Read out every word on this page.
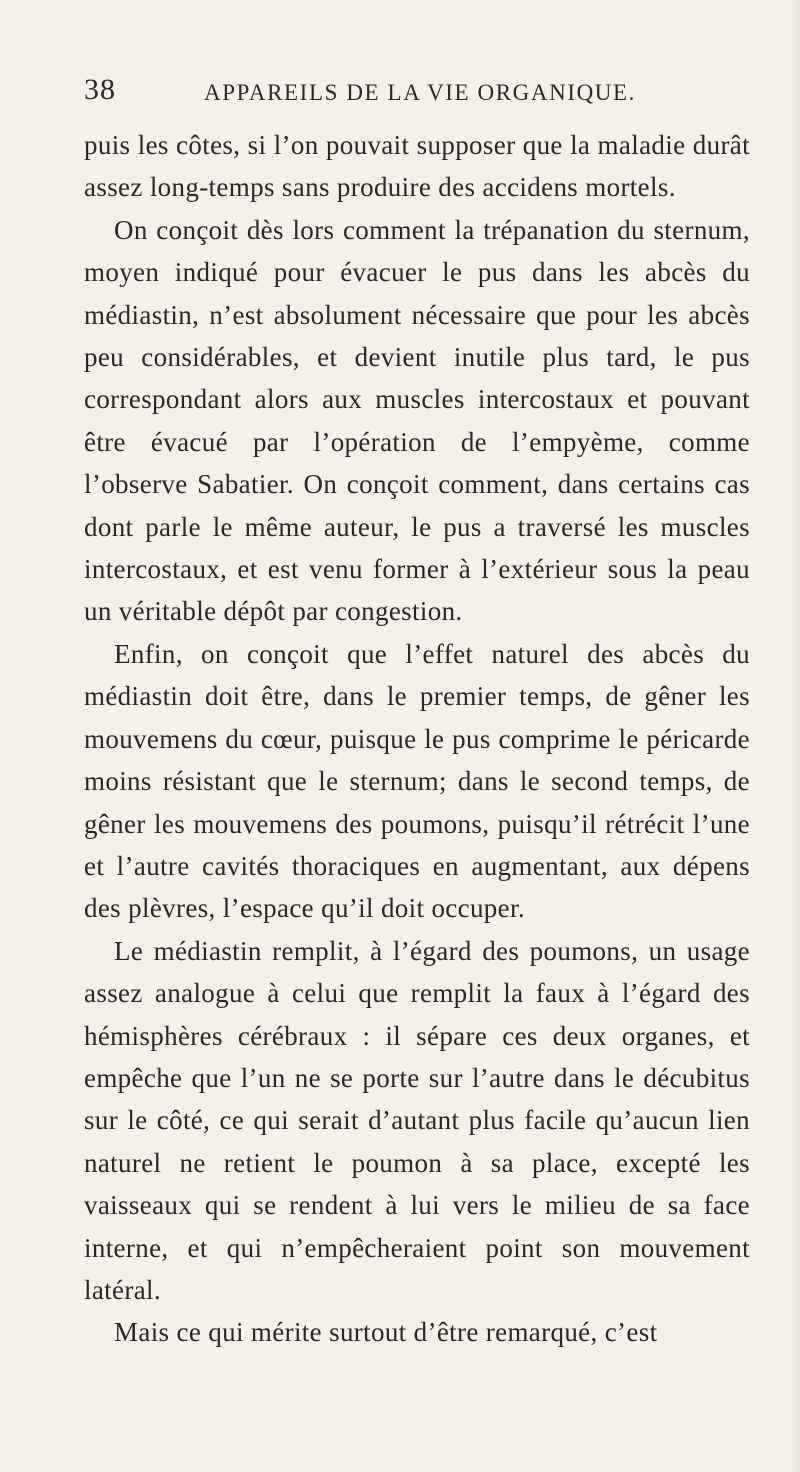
38	APPAREILS DE LA VIE ORGANIQUE.

puis les côtes, si l’on pouvait supposer que la maladie durât assez long-temps sans produire des accidens mortels.

On conçoit dès lors comment la trépanation du sternum, moyen indiqué pour évacuer le pus dans les abcès du médiastin, n’est absolument nécessaire que pour les abcès peu considérables, et devient inutile plus tard, le pus correspondant alors aux muscles intercostaux et pouvant être évacué par l’opération de l’empyème, comme l’observe Sabatier. On conçoit comment, dans certains cas dont parle le même auteur, le pus a traversé les muscles intercostaux, et est venu former à l’extérieur sous la peau un véritable dépôt par congestion.

Enfin, on conçoit que l’effet naturel des abcès du médiastin doit être, dans le premier temps, de gêner les mouvemens du cœur, puisque le pus comprime le péricarde moins résistant que le sternum; dans le second temps, de gêner les mouvemens des poumons, puisqu’il rétrécit l’une et l’autre cavités thoraciques en augmentant, aux dépens des plèvres, l’espace qu’il doit occuper.

Le médiastin remplit, à l’égard des poumons, un usage assez analogue à celui que remplit la faux à l’égard des hémisphères cérébraux : il sépare ces deux organes, et empêche que l’un ne se porte sur l’autre dans le décubitus sur le côté, ce qui serait d’autant plus facile qu’aucun lien naturel ne retient le poumon à sa place, excepté les vaisseaux qui se rendent à lui vers le milieu de sa face interne, et qui n’empêcheraient point son mouvement latéral.

Mais ce qui mérite surtout d’être remarqué, c’est
